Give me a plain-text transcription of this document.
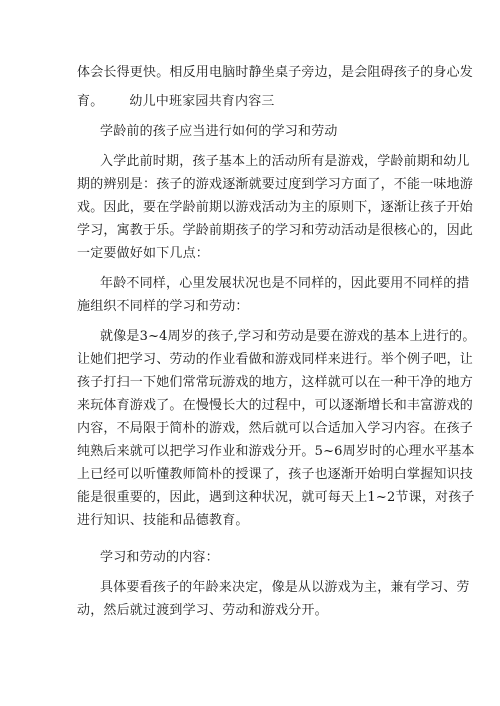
体会长得更快。相反用电脑时静坐桌子旁边，是会阻碍孩子的身心发
育。 幼儿中班家园共育内容三
学龄前的孩子应当进行如何的学习和劳动
入学此前时期，孩子基本上的活动所有是游戏，学龄前期和幼儿
期的辨别是：孩子的游戏逐渐就要过度到学习方面了，不能一味地游
戏。因此，要在学龄前期以游戏活动为主的原则下，逐渐让孩子开始
学习，寓教于乐。学龄前期孩子的学习和劳动活动是很核心的，因此
一定要做好如下几点：
年龄不同样，心里发展状况也是不同样的，因此要用不同样的措
施组织不同样的学习和劳动：
就像是3~4周岁的孩子,学习和劳动是要在游戏的基本上进行的。
让她们把学习、劳动的作业看做和游戏同样来进行。举个例子吧，让
孩子打扫一下她们常常玩游戏的地方，这样就可以在一种干净的地方
来玩体育游戏了。在慢慢长大的过程中，可以逐渐增长和丰富游戏的
内容，不局限于简朴的游戏，然后就可以合适加入学习内容。在孩子
纯熟后来就可以把学习作业和游戏分开。5~6周岁时的心理水平基本
上已经可以听懂教师简朴的授课了，孩子也逐渐开始明白掌握知识技
能是很重要的，因此，遇到这种状况，就可每天上1~2节课，对孩子
进行知识、技能和品德教育。
学习和劳动的内容：
具体要看孩子的年龄来决定，像是从以游戏为主，兼有学习、劳
动，然后就过渡到学习、劳动和游戏分开。
